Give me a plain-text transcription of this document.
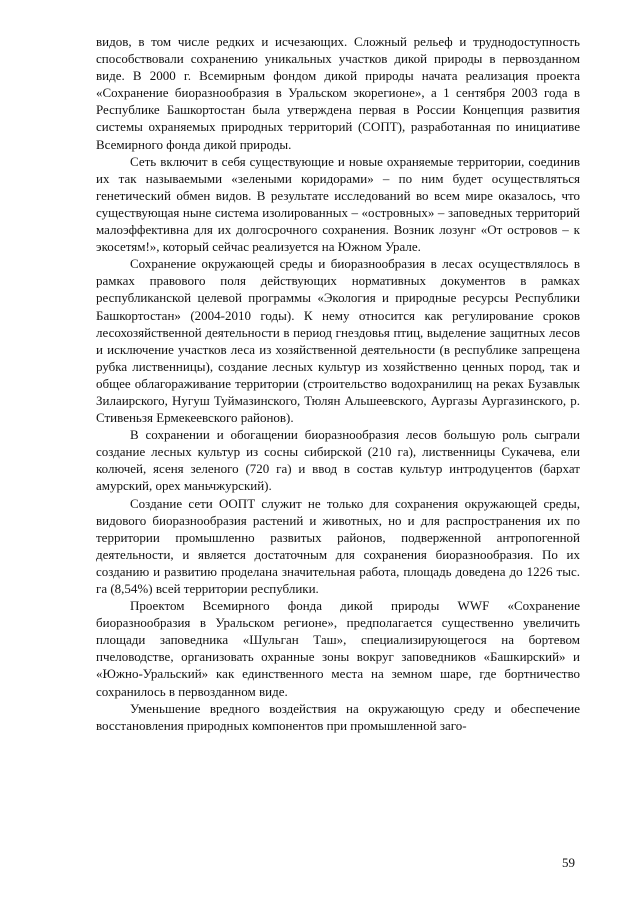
видов, в том числе редких и исчезающих. Сложный рельеф и труднодоступность способствовали сохранению уникальных участков дикой природы в первозданном виде. В 2000 г. Всемирным фондом дикой природы начата реализация проекта «Сохранение биоразнообразия в Уральском экорегионе», а 1 сентября 2003 года в Республике Башкортостан была утверждена первая в России Концепция развития системы охраняемых природных территорий (СОПТ), разработанная по инициативе Всемирного фонда дикой природы.

Сеть включит в себя существующие и новые охраняемые территории, соединив их так называемыми «зелеными коридорами» – по ним будет осуществляться генетический обмен видов. В результате исследований во всем мире оказалось, что существующая ныне система изолированных – «островных» – заповедных территорий малоэффективна для их долгосрочного сохранения. Возник лозунг «От островов – к экосетям!», который сейчас реализуется на Южном Урале.

Сохранение окружающей среды и биоразнообразия в лесах осуществлялось в рамках правового поля действующих нормативных документов в рамках республиканской целевой программы «Экология и природные ресурсы Республики Башкортостан» (2004-2010 годы). К нему относится как регулирование сроков лесохозяйственной деятельности в период гнездовья птиц, выделение защитных лесов и исключение участков леса из хозяйственной деятельности (в республике запрещена рубка лиственницы), создание лесных культур из хозяйственно ценных пород, так и общее облагораживание территории (строительство водохранилищ на реках Бузавлык Зилаирского, Нугуш Туймазинского, Тюлян Альшеевского, Аургазы Аургазинского, р. Стивеньзя Ермекеевского районов).

В сохранении и обогащении биоразнообразия лесов большую роль сыграли создание лесных культур из сосны сибирской (210 га), лиственницы Сукачева, ели колючей, ясеня зеленого (720 га) и ввод в состав культур интродуцентов (бархат амурский, орех маньчжурский).

Создание сети ООПТ служит не только для сохранения окружающей среды, видового биоразнообразия растений и животных, но и для распространения их по территории промышленно развитых районов, подверженной антропогенной деятельности, и является достаточным для сохранения биоразнообразия. По их созданию и развитию проделана значительная работа, площадь доведена до 1226 тыс. га (8,54%) всей территории республики.

Проектом Всемирного фонда дикой природы WWF «Сохранение биоразнообразия в Уральском регионе», предполагается существенно увеличить площади заповедника «Шульган Таш», специализирующегося на бортевом пчеловодстве, организовать охранные зоны вокруг заповедников «Башкирский» и «Южно-Уральский» как единственного места на земном шаре, где бортничество сохранилось в первозданном виде.

Уменьшение вредного воздействия на окружающую среду и обеспечение восстановления природных компонентов при промышленной заго-

59
